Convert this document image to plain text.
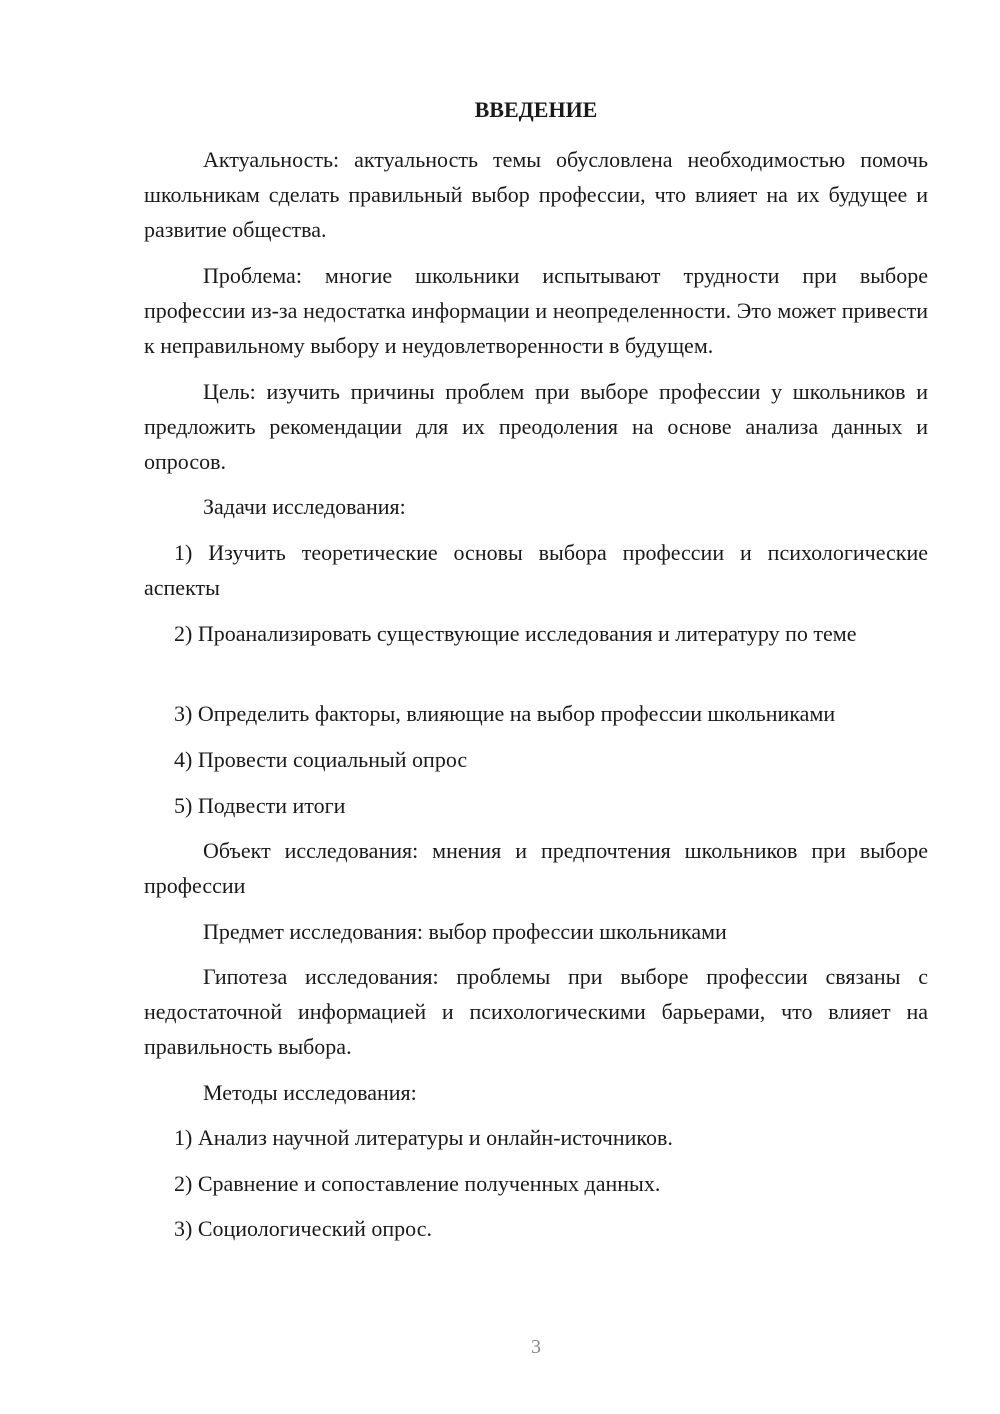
ВВЕДЕНИЕ

Актуальность: актуальность темы обусловлена необходимостью помочь школьникам сделать правильный выбор профессии, что влияет на их будущее и развитие общества.

Проблема: многие школьники испытывают трудности при выборе профессии из-за недостатка информации и неопределенности. Это может привести к неправильному выбору и неудовлетворенности в будущем.

Цель: изучить причины проблем при выборе профессии у школьников и предложить рекомендации для их преодоления на основе анализа данных и опросов.

Задачи исследования:

1) Изучить теоретические основы выбора профессии и психологические аспекты

2) Проанализировать существующие исследования и литературу по теме

3) Определить факторы, влияющие на выбор профессии школьниками

4) Провести социальный опрос

5) Подвести итоги

Объект исследования: мнения и предпочтения школьников при выборе профессии

Предмет исследования: выбор профессии школьниками

Гипотеза исследования: проблемы при выборе профессии связаны с недостаточной информацией и психологическими барьерами, что влияет на правильность выбора.

Методы исследования:

1) Анализ научной литературы и онлайн-источников.

2) Сравнение и сопоставление полученных данных.

3) Социологический опрос.

3
